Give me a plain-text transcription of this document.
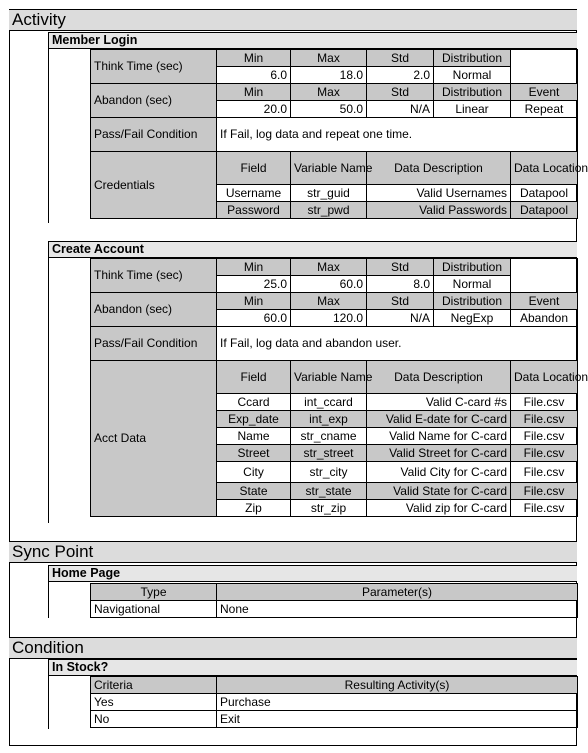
Activity
Member Login
Think Time (sec)	Min	Max	Std	Distribution	
	6.0	18.0	2.0	Normal	
Abandon (sec)	Min	Max	Std	Distribution	Event
	20.0	50.0	N/A	Linear	Repeat
Pass/Fail Condition	If Fail, log data and repeat one time.				
Credentials	Field	Variable Name	Data Description		Data Location
	Username	str_guid	Valid Usernames		Datapool
	Password	str_pwd	Valid Passwords		Datapool
Create Account
Think Time (sec)	Min	Max	Std	Distribution	
	25.0	60.0	8.0	Normal	
Abandon (sec)	Min	Max	Std	Distribution	Event
	60.0	120.0	N/A	NegExp	Abandon
Pass/Fail Condition	If Fail, log data and abandon user.				
Acct Data	Field	Variable Name	Data Description		Data Location
	Ccard	int_ccard	Valid C-card #s		File.csv
	Exp_date	int_exp	Valid E-date for C-card		File.csv
	Name	str_cname	Valid Name for C-card		File.csv
	Street	str_street	Valid Street for C-card		File.csv
	City	str_city	Valid City for C-card		File.csv
	State	str_state	Valid State for C-card		File.csv
	Zip	str_zip	Valid zip for C-card		File.csv
Sync Point
Home Page
Type	Parameter(s)
Navigational	None
Condition
In Stock?
Criteria	Resulting Activity(s)
Yes	Purchase
No	Exit
